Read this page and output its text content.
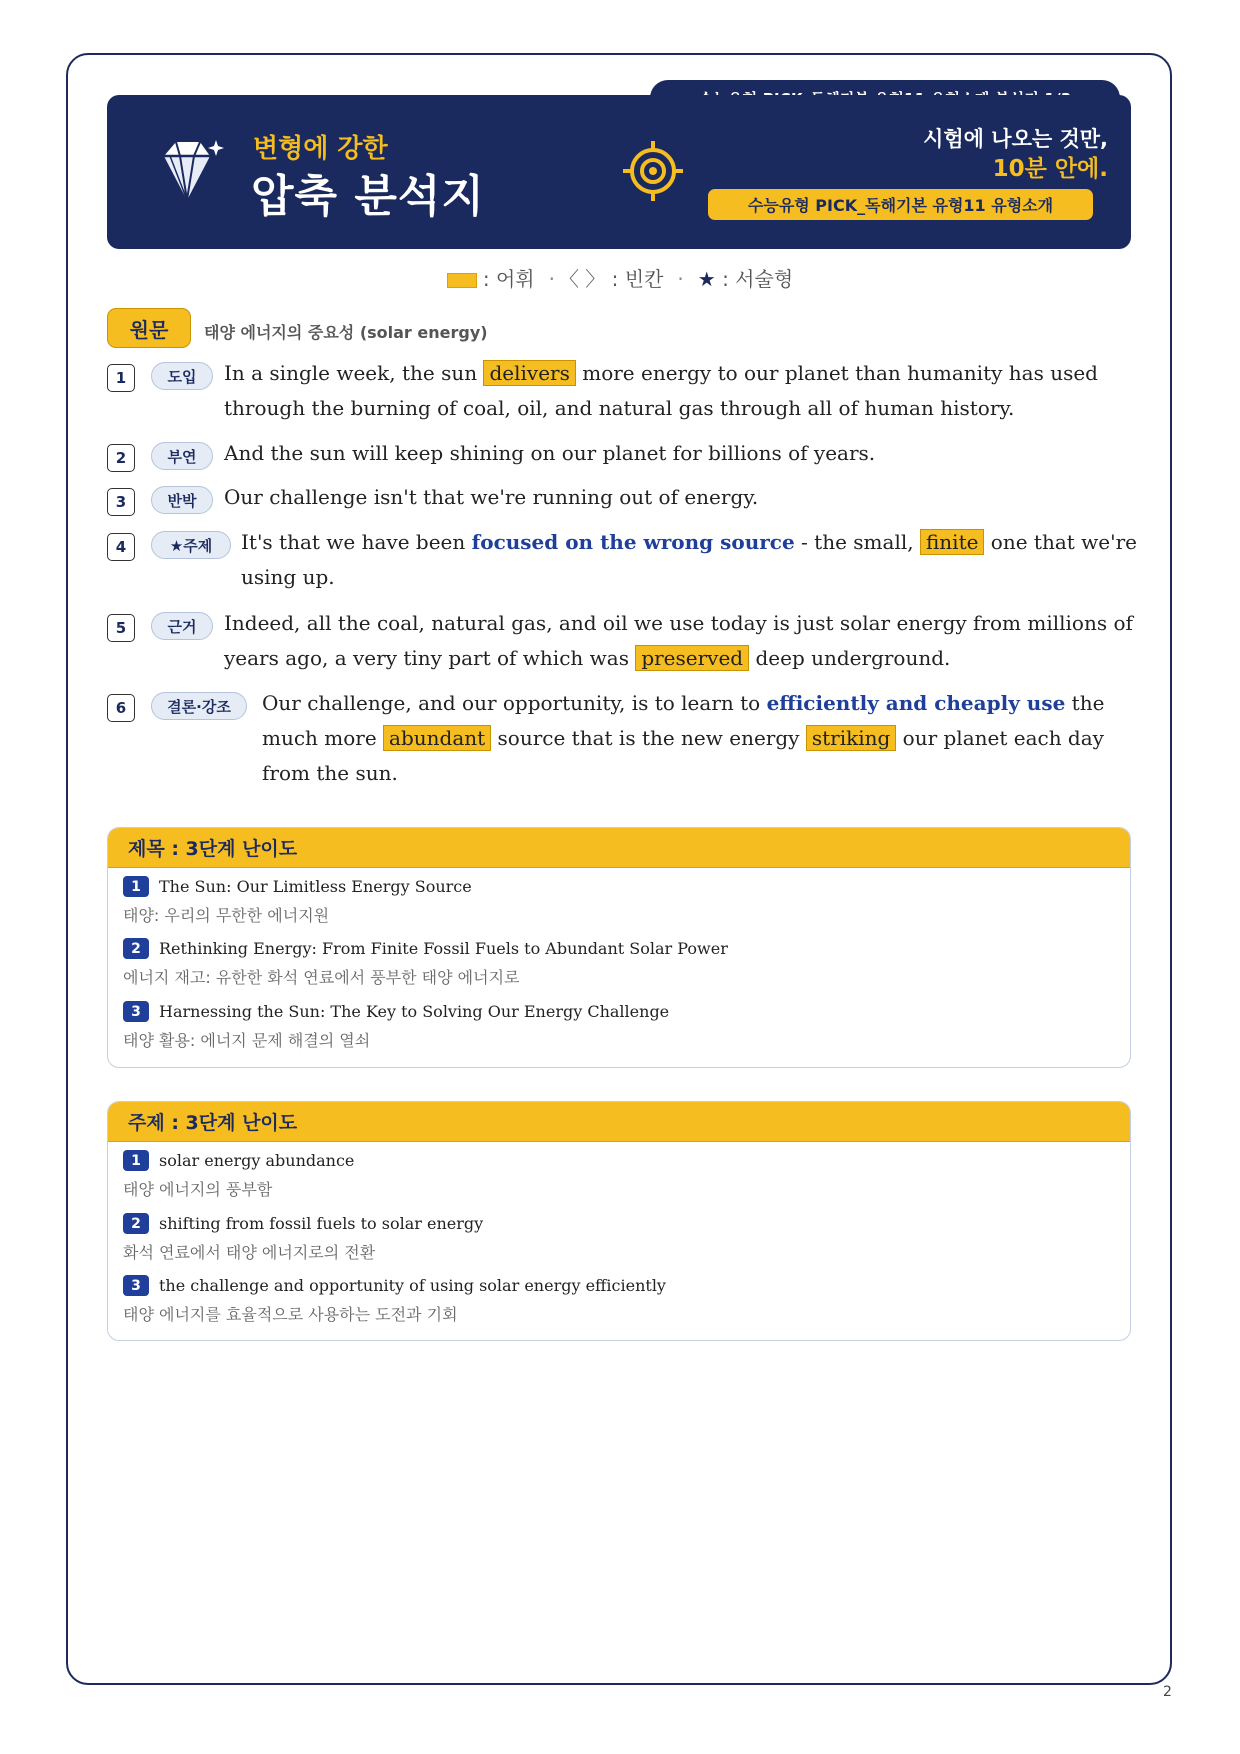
변형에 강한
압축 분석지
시험에 나오는 것만,
10분 안에.
수능유형 PICK_독해기본 유형11 유형소개
: 어휘 · 〈 〉 : 빈칸 · ★ : 서술형
원문	태양 에너지의 중요성 (solar energy)
1	도입	In a single week, the sun delivers more energy to our planet than humanity has used through the burning of coal, oil, and natural gas through all of human history.
2	부연	And the sun will keep shining on our planet for billions of years.
3	반박	Our challenge isn't that we're running out of energy.
4	★주제	It's that we have been focused on the wrong source - the small, finite one that we're using up.
5	근거	Indeed, all the coal, natural gas, and oil we use today is just solar energy from millions of years ago, a very tiny part of which was preserved deep underground.
6	결론·강조	Our challenge, and our opportunity, is to learn to efficiently and cheaply use the much more abundant source that is the new energy striking our planet each day from the sun.
제목 : 3단계 난이도
1	The Sun: Our Limitless Energy Source
태양: 우리의 무한한 에너지원
2	Rethinking Energy: From Finite Fossil Fuels to Abundant Solar Power
에너지 재고: 유한한 화석 연료에서 풍부한 태양 에너지로
3	Harnessing the Sun: The Key to Solving Our Energy Challenge
태양 활용: 에너지 문제 해결의 열쇠
주제 : 3단계 난이도
1	solar energy abundance
태양 에너지의 풍부함
2	shifting from fossil fuels to solar energy
화석 연료에서 태양 에너지로의 전환
3	the challenge and opportunity of using solar energy efficiently
태양 에너지를 효율적으로 사용하는 도전과 기회
2
